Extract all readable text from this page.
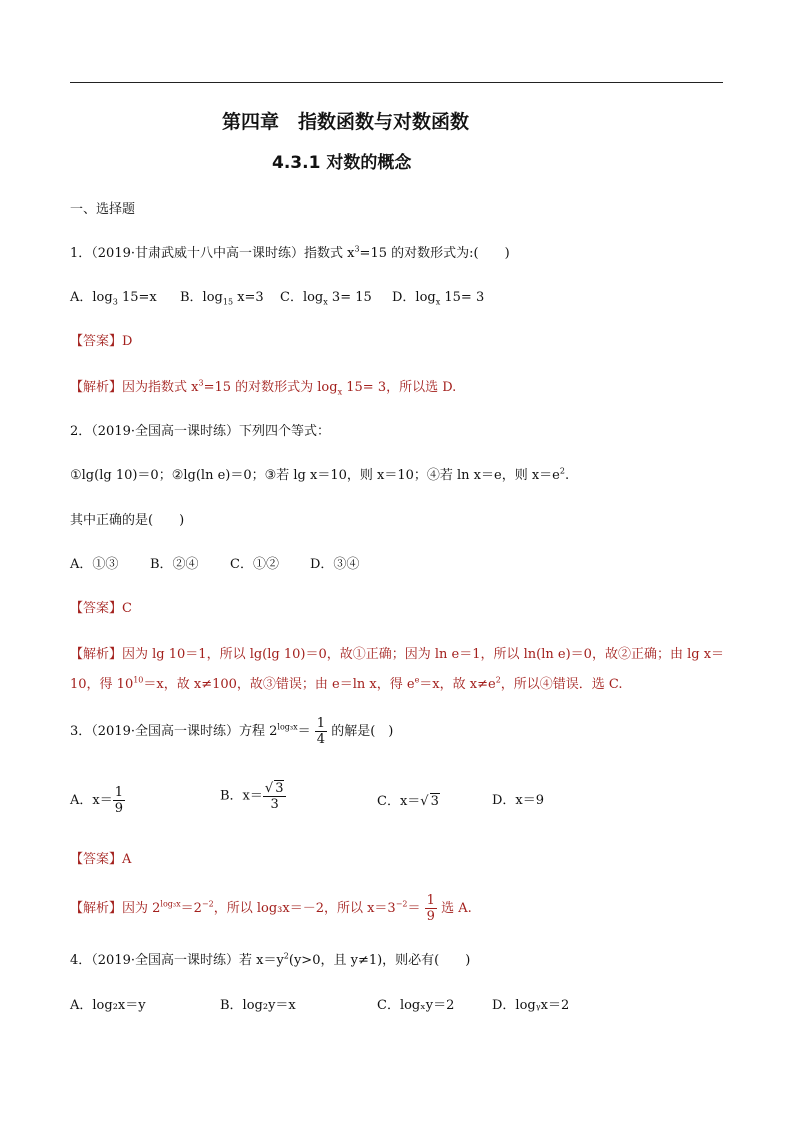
第四章　指数函数与对数函数
4.3.1 对数的概念
一、选择题
1．（2019·甘肃武威十八中高一课时练）指数式 $x^3=15$ 的对数形式为:(　　)
A．$\log_3 15=x$ B．$\log_{15} x=3$ C．$\log_x 3= 15$ D．$\log_x 15= 3$
【答案】D
【解析】因为指数式 $x^3=15$ 的对数形式为 $\log_x 15= 3$，所以选 D.
2．（2019·全国高一课时练）下列四个等式：
①lg(lg 10)＝0；②lg(ln e)＝0；③若 lg x＝10，则 x＝10；④若 ln x＝e，则 $x=e^2$.
其中正确的是(　　)
A．①③ B．②④ C．①② D．③④
【答案】C
【解析】因为 lg 10＝1，所以 lg(lg 10)＝0，故①正确；因为 ln e＝1，所以 ln(ln e)＝0，故②正确；由 lg x＝
10，得 $10^{10}=x$，故 x≠100，故③错误；由 e＝ln x，得 $e^e=x$，故 $x\ne e^2$，所以④错误．选 C.
3．（2019·全国高一课时练）方程 $2^{log_3x}= \frac{1}{4}$ 的解是(　)
A．$x= \frac{1}{9}$	B．$x= \frac{√ 3}{3}$	C．x＝√ 3	D．x＝9
【答案】A
【解析】因为 $2^{log_3x}=2^{-2}$，所以 log₃x＝－2，所以 $x=3^{-2}= \frac{1}{9}$ 选 A.
4．（2019·全国高一课时练）若 $x=y^2(y>0$，且 y≠1)，则必有(　　)
A．log₂x＝y	B．log₂y＝x	C．logₓy＝2	D．logᵧx＝2
